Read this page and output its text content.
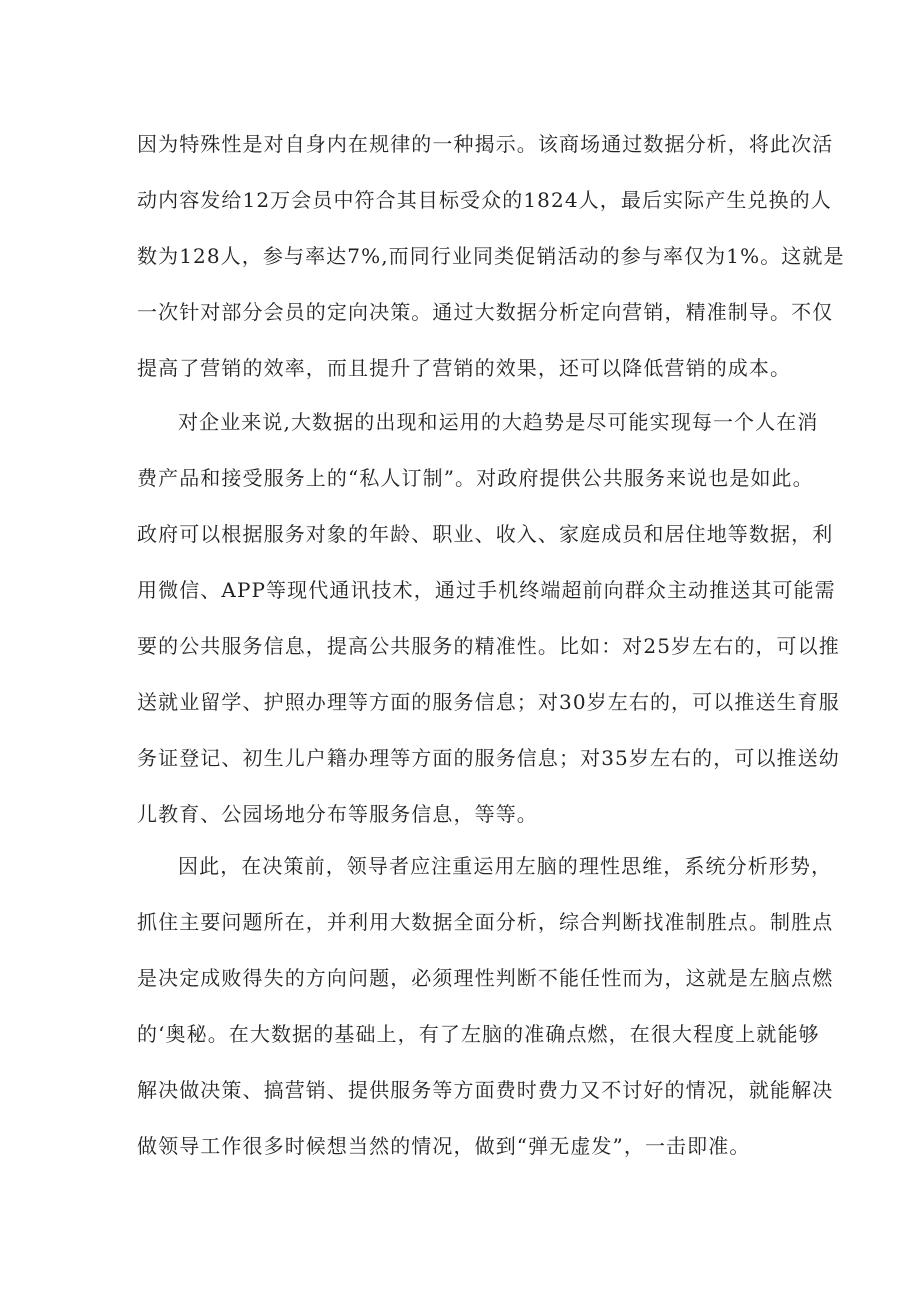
因为特殊性是对自身内在规律的一种揭示。该商场通过数据分析，将此次活
动内容发给12万会员中符合其目标受众的1824人，最后实际产生兑换的人
数为128人，参与率达7%,而同行业同类促销活动的参与率仅为1%。这就是
一次针对部分会员的定向决策。通过大数据分析定向营销，精准制导。不仅
提高了营销的效率，而且提升了营销的效果，还可以降低营销的成本。
对企业来说,大数据的出现和运用的大趋势是尽可能实现每一个人在消
费产品和接受服务上的“私人订制”。对政府提供公共服务来说也是如此。
政府可以根据服务对象的年龄、职业、收入、家庭成员和居住地等数据，利
用微信、APP等现代通讯技术，通过手机终端超前向群众主动推送其可能需
要的公共服务信息，提高公共服务的精准性。比如：对25岁左右的，可以推
送就业留学、护照办理等方面的服务信息；对30岁左右的，可以推送生育服
务证登记、初生儿户籍办理等方面的服务信息；对35岁左右的，可以推送幼
儿教育、公园场地分布等服务信息，等等。
因此，在决策前，领导者应注重运用左脑的理性思维，系统分析形势，
抓住主要问题所在，并利用大数据全面分析，综合判断找准制胜点。制胜点
是决定成败得失的方向问题，必须理性判断不能任性而为，这就是左脑点燃
的‘奥秘。在大数据的基础上，有了左脑的准确点燃，在很大程度上就能够
解决做决策、搞营销、提供服务等方面费时费力又不讨好的情况，就能解决
做领导工作很多时候想当然的情况，做到“弹无虚发”，一击即准。
